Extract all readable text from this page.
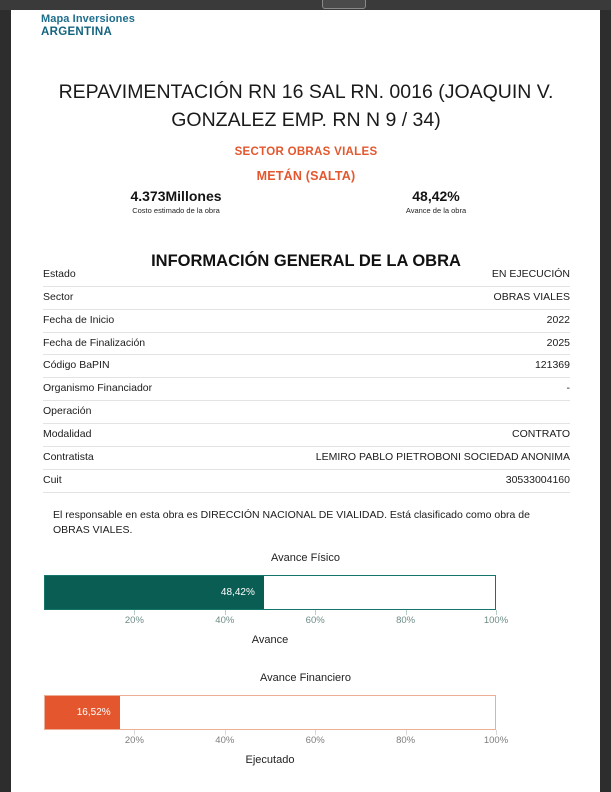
Mapa Inversiones
ARGENTINA
REPAVIMENTACIÓN RN 16 SAL RN. 0016 (JOAQUIN V. GONZALEZ EMP. RN N 9 / 34)
SECTOR OBRAS VIALES
METÁN (SALTA)
4.373Millones
Costo estimado de la obra
48,42%
Avance de la obra
INFORMACIÓN GENERAL DE LA OBRA
Estado	EN EJECUCIÓN
Sector	OBRAS VIALES
Fecha de Inicio	2022
Fecha de Finalización	2025
Código BaPIN	121369
Organismo Financiador	-
Operación	
Modalidad	CONTRATO
Contratista	LEMIRO PABLO PIETROBONI SOCIEDAD ANONIMA
Cuit	30533004160

El responsable en esta obra es DIRECCIÓN NACIONAL DE VIALIDAD. Está clasificado como obra de OBRAS VIALES.

Avance Físico
48,42%
20%	40%	60%	80%	100%
Avance
Avance Financiero
16,52%
20%	40%	60%	80%	100%
Ejecutado
